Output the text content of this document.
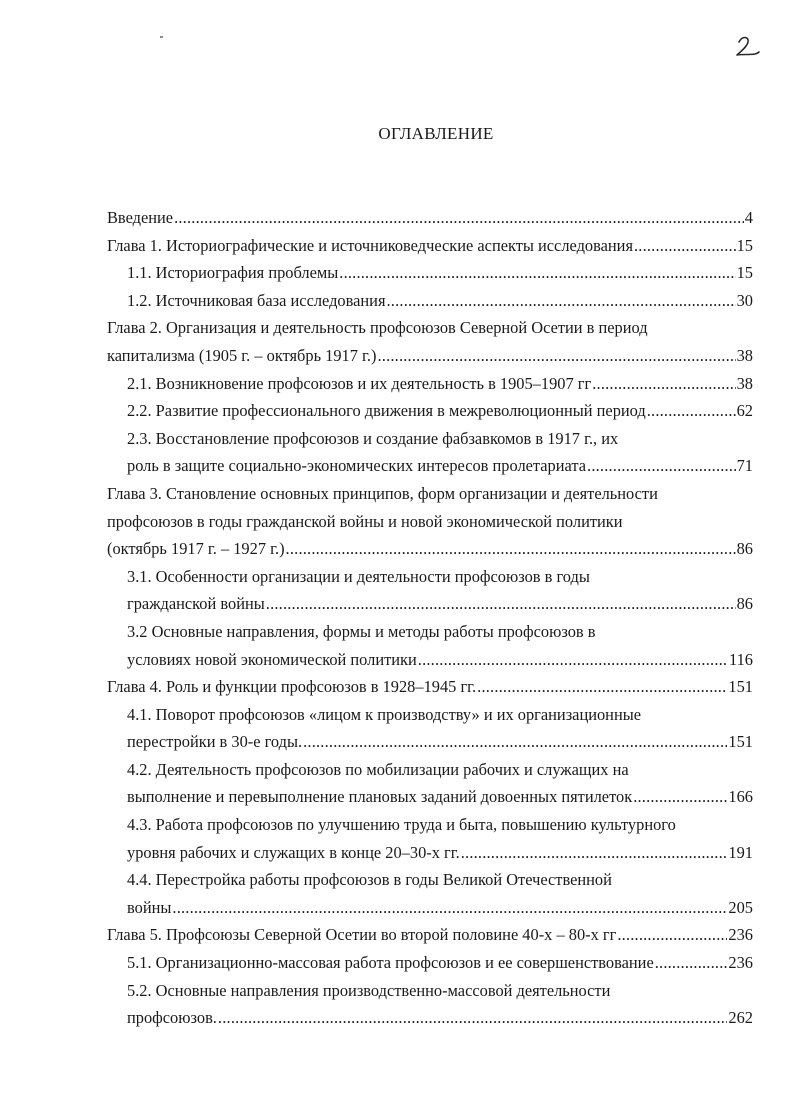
ОГЛАВЛЕНИЕ
Введение .....	4
Глава 1. Историографические и источниковедческие аспекты исследования .....	15
1.1. Историография проблемы .....	15
1.2. Источниковая база исследования .....	30
Глава 2. Организация и деятельность профсоюзов Северной Осетии в период
капитализма (1905 г. – октябрь 1917 г.) .....	38
2.1. Возникновение профсоюзов и их деятельность в 1905–1907 гг .....	38
2.2. Развитие профессионального движения в межреволюционный период .....	62
2.3. Восстановление профсоюзов и создание фабзавкомов в 1917 г., их
роль в защите социально-экономических интересов пролетариата .....	71
Глава 3. Становление основных принципов, форм организации и деятельности
профсоюзов в годы гражданской войны и новой экономической политики
(октябрь 1917 г. – 1927 г.) .....	86
3.1. Особенности организации и деятельности профсоюзов в годы
гражданской войны .....	86
3.2 Основные направления, формы и методы работы профсоюзов в
условиях новой экономической политики .....	116
Глава 4. Роль и функции профсоюзов в 1928–1945 гг. .....	151
4.1. Поворот профсоюзов «лицом к производству» и их организационные
перестройки в 30-е годы. .....	151
4.2. Деятельность профсоюзов по мобилизации рабочих и служащих на
выполнение и перевыполнение плановых заданий довоенных пятилеток .....	166
4.3. Работа профсоюзов по улучшению труда и быта, повышению культурного
уровня рабочих и служащих в конце 20–30-х гг. .....	191
4.4. Перестройка работы профсоюзов в годы Великой Отечественной
войны .....	205
Глава 5. Профсоюзы Северной Осетии во второй половине 40-х – 80-х гг .....	236
5.1. Организационно-массовая работа профсоюзов и ее совершенствование .....	236
5.2. Основные направления производственно-массовой деятельности
профсоюзов. .....	262
